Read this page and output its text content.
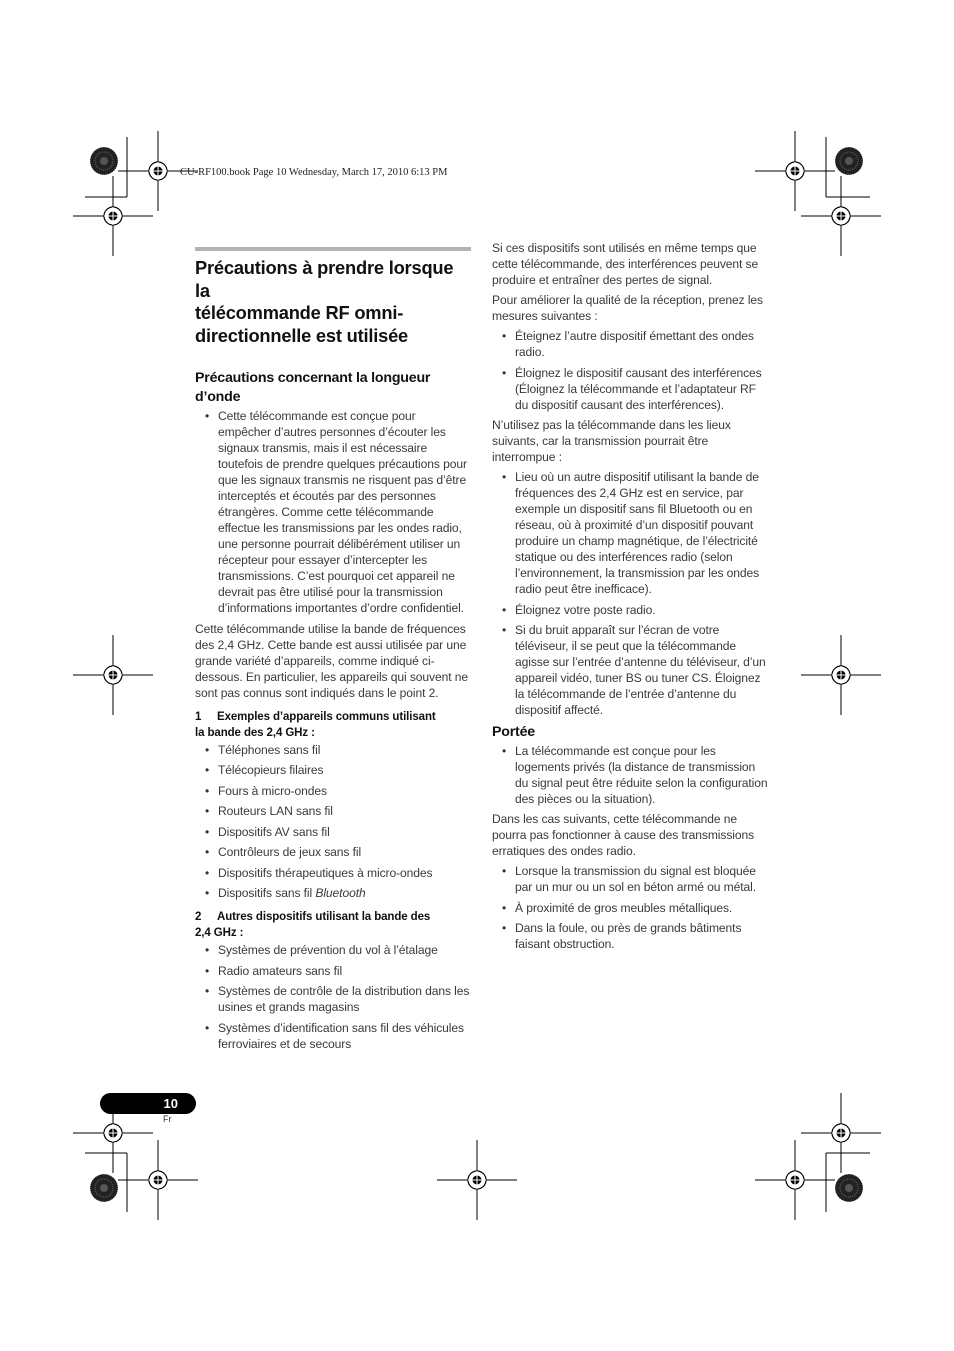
CU-RF100.book Page 10 Wednesday, March 17, 2010 6:13 PM
Précautions à prendre lorsque la
télécommande RF omni-
directionnelle est utilisée
Précautions concernant la longueur
d’onde
• Cette télécommande est conçue pour empêcher d’autres personnes d’écouter les signaux transmis, mais il est nécessaire toutefois de prendre quelques précautions pour que les signaux transmis ne risquent pas d’être interceptés et écoutés par des personnes étrangères. Comme cette télécommande effectue les transmissions par les ondes radio, une personne pourrait délibérément utiliser un récepteur pour essayer d’intercepter les transmissions. C’est pourquoi cet appareil ne devrait pas être utilisé pour la transmission d’informations importantes d’ordre confidentiel.

Cette télécommande utilise la bande de fréquences des 2,4 GHz. Cette bande est aussi utilisée par une grande variété d’appareils, comme indiqué ci-dessous. En particulier, les appareils qui souvent ne sont pas connus sont indiqués dans le point 2.

1 Exemples d’appareils communs utilisant
la bande des 2,4 GHz :
• Téléphones sans fil
• Télécopieurs filaires
• Fours à micro-ondes
• Routeurs LAN sans fil
• Dispositifs AV sans fil
• Contrôleurs de jeux sans fil
• Dispositifs thérapeutiques à micro-ondes
• Dispositifs sans fil Bluetooth
2 Autres dispositifs utilisant la bande des
2,4 GHz :
• Systèmes de prévention du vol à l’étalage
• Radio amateurs sans fil
• Systèmes de contrôle de la distribution dans les usines et grands magasins
• Systèmes d’identification sans fil des véhicules ferroviaires et de secours

Si ces dispositifs sont utilisés en même temps que cette télécommande, des interférences peuvent se produire et entraîner des pertes de signal.

Pour améliorer la qualité de la réception, prenez les mesures suivantes :

• Éteignez l’autre dispositif émettant des ondes radio.
• Éloignez le dispositif causant des interférences (Éloignez la télécommande et l’adaptateur RF du dispositif causant des interférences).

N’utilisez pas la télécommande dans les lieux suivants, car la transmission pourrait être interrompue :

• Lieu où un autre dispositif utilisant la bande de fréquences des 2,4 GHz est en service, par exemple un dispositif sans fil Bluetooth ou en réseau, où à proximité d’un dispositif pouvant produire un champ magnétique, de l’électricité statique ou des interférences radio (selon l’environnement, la transmission par les ondes radio peut être inefficace).
• Éloignez votre poste radio.
• Si du bruit apparaît sur l’écran de votre téléviseur, il se peut que la télécommande agisse sur l’entrée d’antenne du téléviseur, d’un appareil vidéo, tuner BS ou tuner CS. Éloignez la télécommande de l’entrée d’antenne du dispositif affecté.
Portée
• La télécommande est conçue pour les logements privés (la distance de transmission du signal peut être réduite selon la configuration des pièces ou la situation).

Dans les cas suivants, cette télécommande ne pourra pas fonctionner à cause des transmissions erratiques des ondes radio.

• Lorsque la transmission du signal est bloquée par un mur ou un sol en béton armé ou métal.
• À proximité de gros meubles métalliques.
• Dans la foule, ou près de grands bâtiments faisant obstruction.
10
Fr
